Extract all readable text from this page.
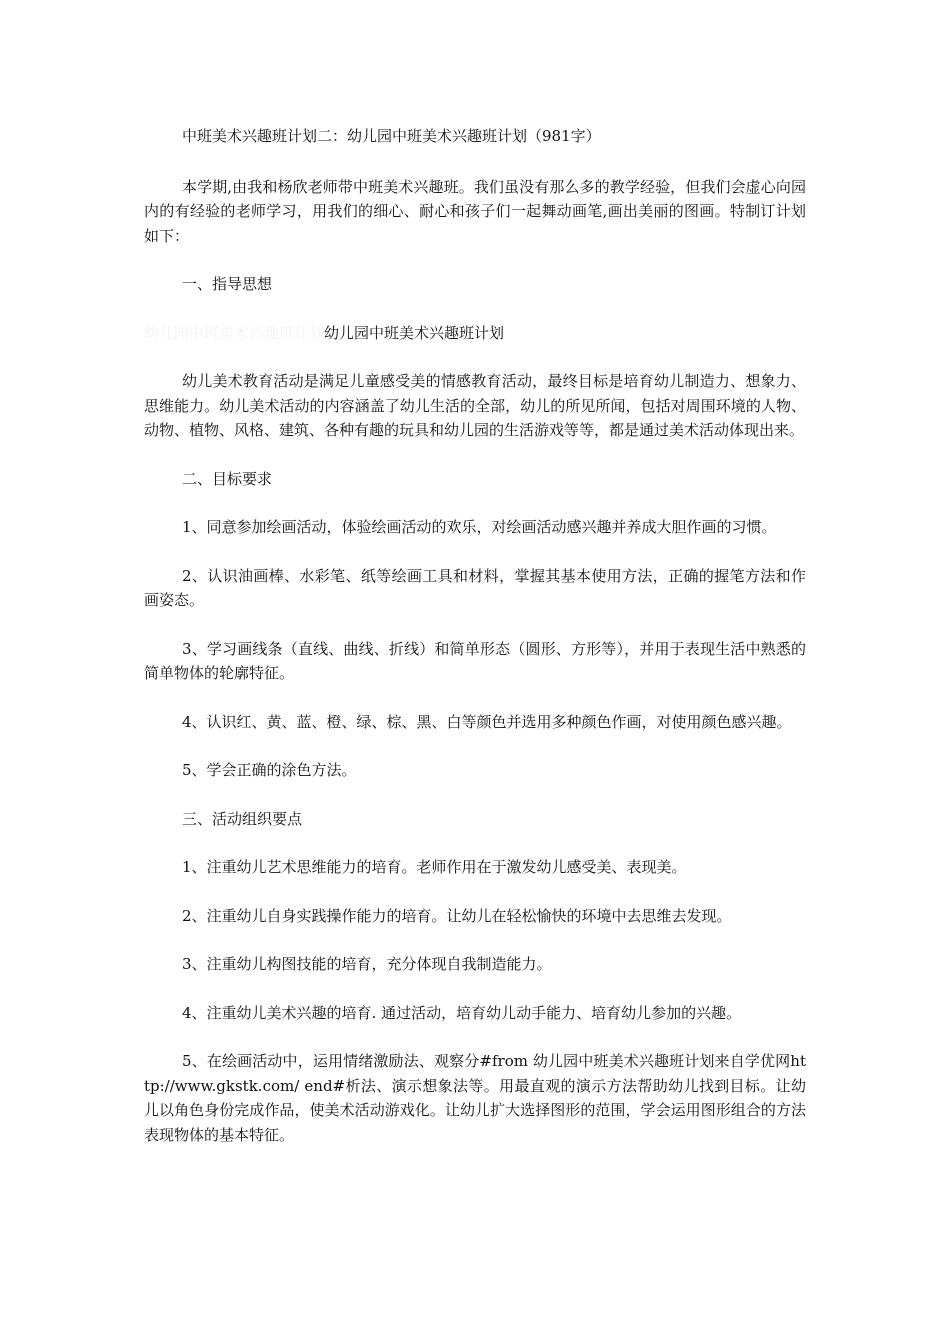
中班美术兴趣班计划二：幼儿园中班美术兴趣班计划（981字）

本学期,由我和杨欣老师带中班美术兴趣班。我们虽没有那么多的教学经验，但我们会虚心向园内的有经验的老师学习，用我们的细心、耐心和孩子们一起舞动画笔,画出美丽的图画。特制订计划如下：

一、指导思想

幼儿园中班美术兴趣班计划幼儿园中班美术兴趣班计划

幼儿美术教育活动是满足儿童感受美的情感教育活动，最终目标是培育幼儿制造力、想象力、思维能力。幼儿美术活动的内容涵盖了幼儿生活的全部，幼儿的所见所闻，包括对周围环境的人物、动物、植物、风格、建筑、各种有趣的玩具和幼儿园的生活游戏等等，都是通过美术活动体现出来。

二、目标要求

1、同意参加绘画活动，体验绘画活动的欢乐，对绘画活动感兴趣并养成大胆作画的习惯。

2、认识油画棒、水彩笔、纸等绘画工具和材料，掌握其基本使用方法，正确的握笔方法和作画姿态。

3、学习画线条（直线、曲线、折线）和简单形态（圆形、方形等），并用于表现生活中熟悉的简单物体的轮廓特征。

4、认识红、黄、蓝、橙、绿、棕、黑、白等颜色并选用多种颜色作画，对使用颜色感兴趣。

5、学会正确的涂色方法。

三、活动组织要点

1、注重幼儿艺术思维能力的培育。老师作用在于激发幼儿感受美、表现美。

2、注重幼儿自身实践操作能力的培育。让幼儿在轻松愉快的环境中去思维去发现。

3、注重幼儿构图技能的培育，充分体现自我制造能力。

4、注重幼儿美术兴趣的培育. 通过活动，培育幼儿动手能力、培育幼儿参加的兴趣。

5、在绘画活动中，运用情绪激励法、观察分#from 幼儿园中班美术兴趣班计划来自学优网http://www.gkstk.com/ end#析法、演示想象法等。用最直观的演示方法帮助幼儿找到目标。让幼儿以角色身份完成作品，使美术活动游戏化。让幼儿扩大选择图形的范围，学会运用图形组合的方法表现物体的基本特征。
